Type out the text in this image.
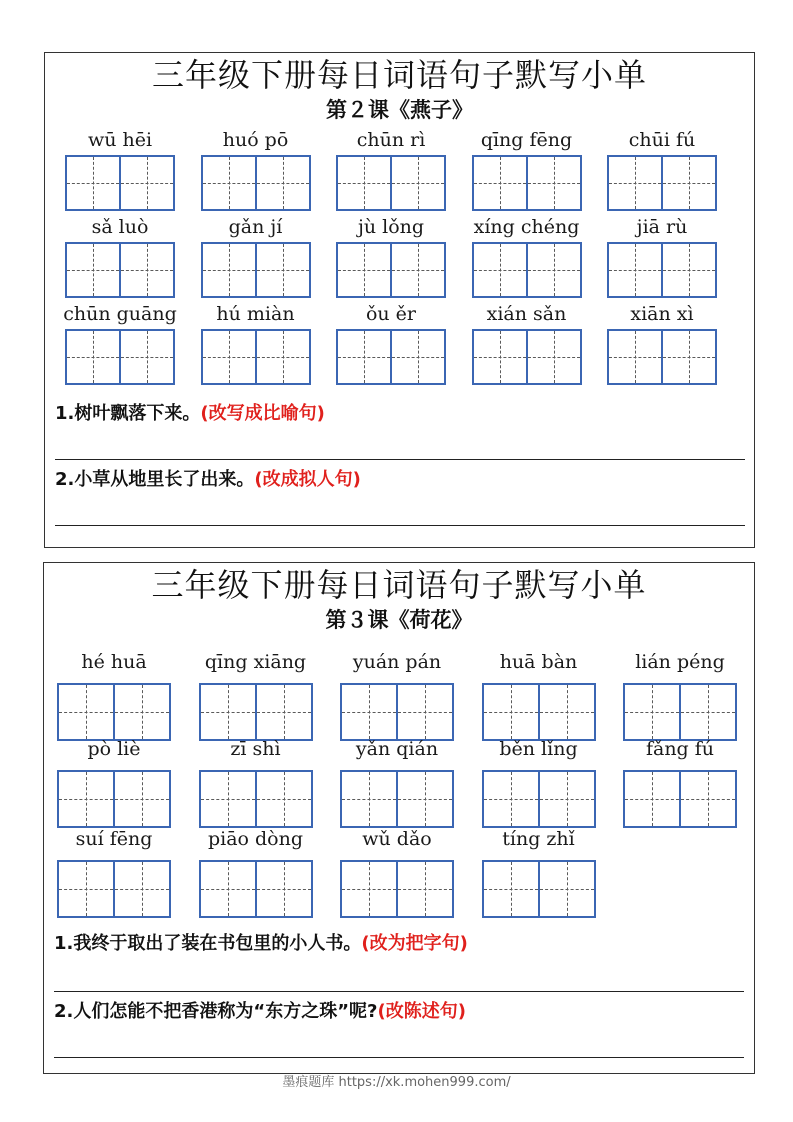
三年级下册每日词语句子默写小单
第２课《燕子》
wū hēi	huó pō	chūn rì	qīng fēng	chūi fú
sǎ luò	gǎn jí	jù lǒng	xíng chéng	jiā rù
chūn guāng	hú miàn	ǒu ěr	xián sǎn	xiān xì
1.树叶飘落下来。(改写成比喻句)
2.小草从地里长了出来。(改成拟人句)
三年级下册每日词语句子默写小单
第３课《荷花》
hé huā	qīng xiāng	yuán pán	huā bàn	lián péng
pò liè	zī shì	yǎn qián	běn lǐng	fǎng fú
suí fēng	piāo dòng	wǔ dǎo	tíng zhǐ
1.我终于取出了装在书包里的小人书。(改为把字句)
2.人们怎能不把香港称为“东方之珠”呢?(改陈述句)
墨痕题库 https://xk.mohen999.com/
